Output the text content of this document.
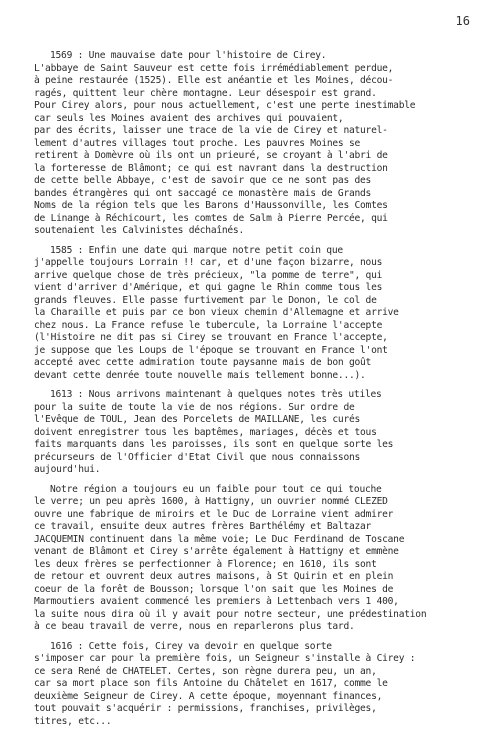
16

1569 : Une mauvaise date pour l'histoire de Cirey.
L'abbaye de Saint Sauveur est cette fois irrémédiablement perdue,
à peine restaurée (1525). Elle est anéantie et les Moines, décou-
ragés, quittent leur chère montagne. Leur désespoir est grand.
Pour Cirey alors, pour nous actuellement, c'est une perte inestimable
car seuls les Moines avaient des archives qui pouvaient,
par des écrits, laisser une trace de la vie de Cirey et naturel-
lement d'autres villages tout proche. Les pauvres Moines se
retirent à Domèvre où ils ont un prieuré, se croyant à l'abri de
la forteresse de Blâmont; ce qui est navrant dans la destruction
de cette belle Abbaye, c'est de savoir que ce ne sont pas des
bandes étrangères qui ont saccagé ce monastère mais de Grands
Noms de la région tels que les Barons d'Haussonville, les Comtes
de Linange à Réchicourt, les comtes de Salm à Pierre Percée, qui
soutenaient les Calvinistes déchaînés.

1585 : Enfin une date qui marque notre petit coin que
j'appelle toujours Lorrain !! car, et d'une façon bizarre, nous
arrive quelque chose de très précieux, "la pomme de terre", qui
vient d'arriver d'Amérique, et qui gagne le Rhin comme tous les
grands fleuves. Elle passe furtivement par le Donon, le col de
la Charaille et puis par ce bon vieux chemin d'Allemagne et arrive
chez nous. La France refuse le tubercule, la Lorraine l'accepte
(l'Histoire ne dit pas si Cirey se trouvant en France l'accepte,
je suppose que les Loups de l'époque se trouvant en France l'ont
accepté avec cette admiration toute paysanne mais de bon goût
devant cette denrée toute nouvelle mais tellement bonne...).

1613 : Nous arrivons maintenant à quelques notes très utiles
pour la suite de toute la vie de nos régions. Sur ordre de
l'Evêque de TOUL, Jean des Porcelets de MAILLANE, les curés
doivent enregistrer tous les baptêmes, mariages, décès et tous
faits marquants dans les paroisses, ils sont en quelque sorte les
précurseurs de l'Officier d'Etat Civil que nous connaissons
aujourd'hui.

Notre région a toujours eu un faible pour tout ce qui touche
le verre; un peu après 1600, à Hattigny, un ouvrier nommé CLEZED
ouvre une fabrique de miroirs et le Duc de Lorraine vient admirer
ce travail, ensuite deux autres frères Barthélémy et Baltazar
JACQUEMIN continuent dans la même voie; Le Duc Ferdinand de Toscane
venant de Blâmont et Cirey s'arrête également à Hattigny et emmène
les deux frères se perfectionner à Florence; en 1610, ils sont
de retour et ouvrent deux autres maisons, à St Quirin et en plein
coeur de la forêt de Bousson; lorsque l'on sait que les Moines de
Marmoutiers avaient commencé les premiers à Lettenbach vers 1 400,
la suite nous dira où il y avait pour notre secteur, une prédestination
à ce beau travail de verre, nous en reparlerons plus tard.

1616 : Cette fois, Cirey va devoir en quelque sorte
s'imposer car pour la première fois, un Seigneur s'installe à Cirey :
ce sera René de CHATELET. Certes, son règne durera peu, un an,
car sa mort place son fils Antoine du Châtelet en 1617, comme le
deuxième Seigneur de Cirey. A cette époque, moyennant finances,
tout pouvait s'acquérir : permissions, franchises, privilèges,
titres, etc...
